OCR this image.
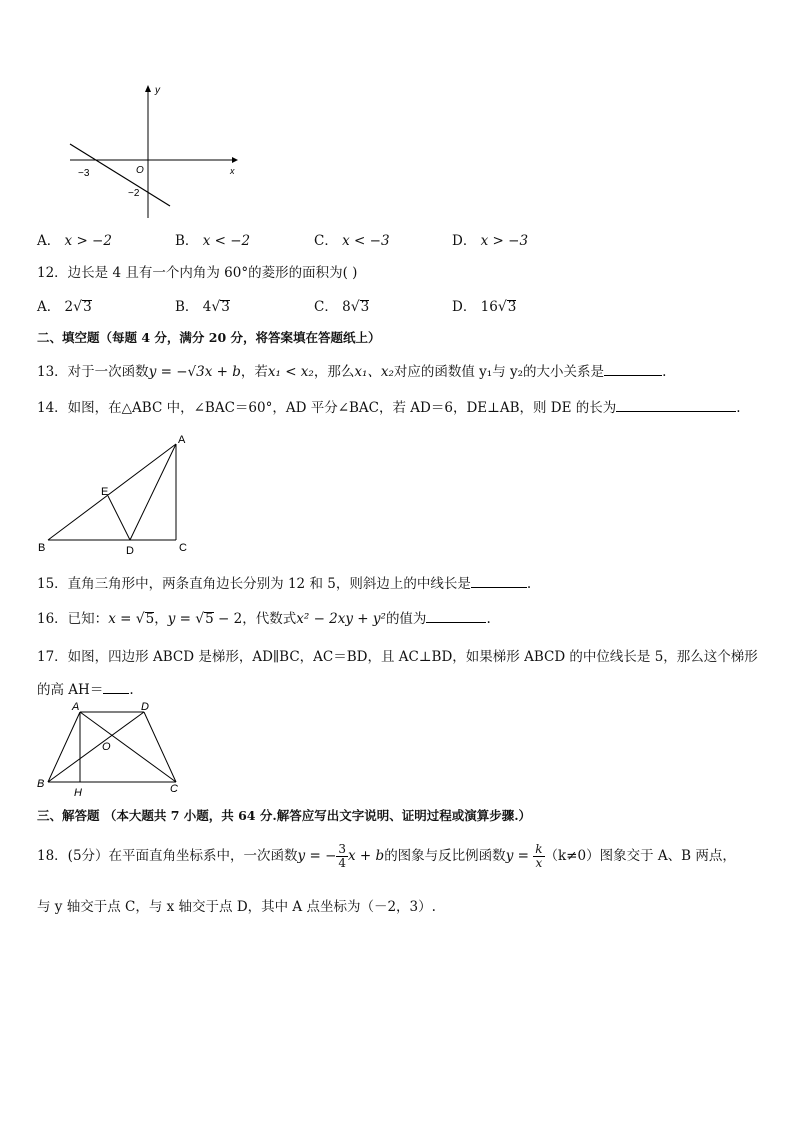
y
x
O
−3
−2
A． x > −2	B． x < −2	C． x < −3	D． x > −3
12．边长是 4 且有一个内角为 60°的菱形的面积为( )
A． 2√3	B． 4√3	C． 8√3	D． 16√3
二、填空题（每题 4 分，满分 20 分，将答案填在答题纸上）
13．对于一次函数y = −√3x + b，若x₁ < x₂，那么x₁、x₂对应的函数值 y₁与 y₂的大小关系是	.
14．如图，在△ABC 中，∠BAC＝60°，AD 平分∠BAC，若 AD＝6，DE⊥AB，则 DE 的长为	.
A
B	C
D
E
15．直角三角形中，两条直角边长分别为 12 和 5，则斜边上的中线长是	.
16．已知：x = √5，y = √5 − 2，代数式x² − 2xy + y²的值为	.
17．如图，四边形 ABCD 是梯形，AD∥BC，AC＝BD，且 AC⊥BD，如果梯形 ABCD 的中位线长是 5，那么这个梯形
的高 AH＝ .
A	D
B	C
O
H
三、解答题 （本大题共 7 小题，共 64 分.解答应写出文字说明、证明过程或演算步骤.）
18．(5分）在平面直角坐标系中，一次函数y = − $\frac{3}{4}$ x + b的图象与反比例函数$y = \frac{k}{x} (k\ne 0)$图象交于 A、B 两点，
与 y 轴交于点 C，与 x 轴交于点 D，其中 A 点坐标为（－2，3）.
